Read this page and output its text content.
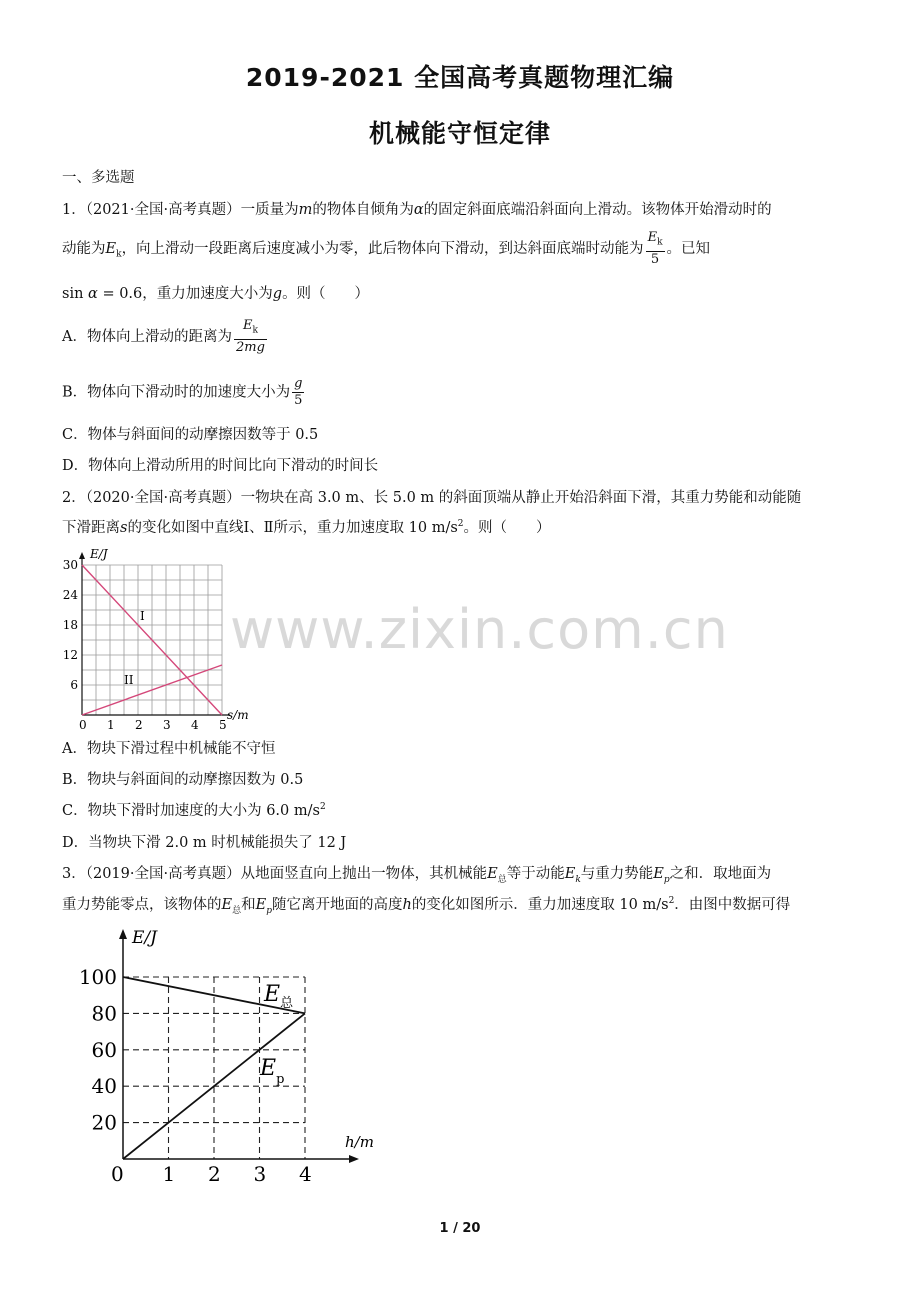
2019-2021 全国高考真题物理汇编
机械能守恒定律
一、多选题
1．（2021·全国·高考真题）一质量为m的物体自倾角为α的固定斜面底端沿斜面向上滑动。该物体开始滑动时的
动能为$E_k$，向上滑动一段距离后速度减小为零，此后物体向下滑动，到达斜面底端时动能为 $\frac{E_k}{5}$ 。已知
sin α = 0.6，重力加速度大小为g。则（　　）
A．物体向上滑动的距离为 $\frac{E_k}{2mg}$
B．物体向下滑动时的加速度大小为 $\frac{g}{5}$
C．物体与斜面间的动摩擦因数等于 0.5
D．物体向上滑动所用的时间比向下滑动的时间长
2．（2020·全国·高考真题）一物块在高 3.0 m、长 5.0 m 的斜面顶端从静止开始沿斜面下滑，其重力势能和动能随
下滑距离s的变化如图中直线Ⅰ、Ⅱ所示，重力加速度取 10 $m/s^2$。则（　　）
0 1 2 3 4 5
6
12
18
24
30
E/J
s/m
I
II
A．物块下滑过程中机械能不守恒
B．物块与斜面间的动摩擦因数为 0.5
C．物块下滑时加速度的大小为 6.0 $m/s^2$
D．当物块下滑 2.0 m 时机械能损失了 12 J
3．（2019·全国·高考真题）从地面竖直向上抛出一物体，其机械能$E_总$等于动能$E_k$与重力势能$E_p$之和．取地面为
重力势能零点，该物体的$E_总$和$E_p$随它离开地面的高度h的变化如图所示．重力加速度取 10 $m/s^2$．由图中数据可得
0 1 2 3 4
20
40
60
80
100
E/J
h/m
$E_总$
$E_p$
www.zixin.com.cn
1 / 20
